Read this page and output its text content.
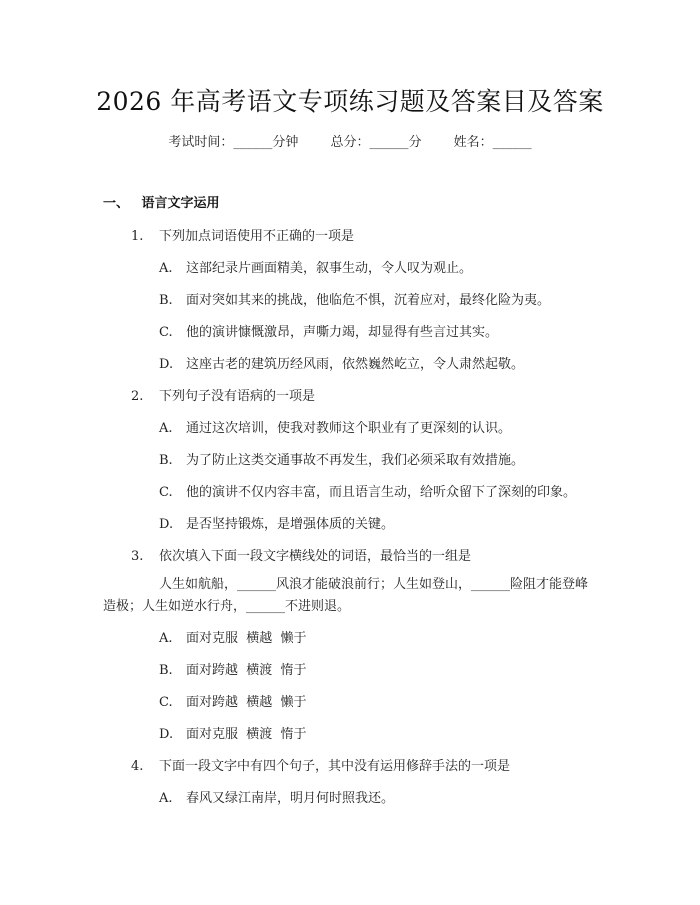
2026 年高考语文专项练习题及答案目及答案
考试时间：______分钟 总分：______分 姓名：______
一、 语言文字运用
1. 下列加点词语使用不正确的一项是
A. 这部纪录片画面精美，叙事生动，令人叹为观止。
B. 面对突如其来的挑战，他临危不惧，沉着应对，最终化险为夷。
C. 他的演讲慷慨激昂，声嘶力竭，却显得有些言过其实。
D. 这座古老的建筑历经风雨，依然巍然屹立，令人肃然起敬。
2. 下列句子没有语病的一项是
A. 通过这次培训，使我对教师这个职业有了更深刻的认识。
B. 为了防止这类交通事故不再发生，我们必须采取有效措施。
C. 他的演讲不仅内容丰富，而且语言生动，给听众留下了深刻的印象。
D. 是否坚持锻炼，是增强体质的关键。
3. 依次填入下面一段文字横线处的词语，最恰当的一组是
人生如航船，______风浪才能破浪前行；人生如登山，______险阻才能登峰造极；人生如逆水行舟，______不进则退。
A. 面对克服  横越  懒于
B. 面对跨越  横渡  惰于
C. 面对跨越  横越  懒于
D. 面对克服  横渡  惰于
4. 下面一段文字中有四个句子，其中没有运用修辞手法的一项是
A. 春风又绿江南岸，明月何时照我还。
